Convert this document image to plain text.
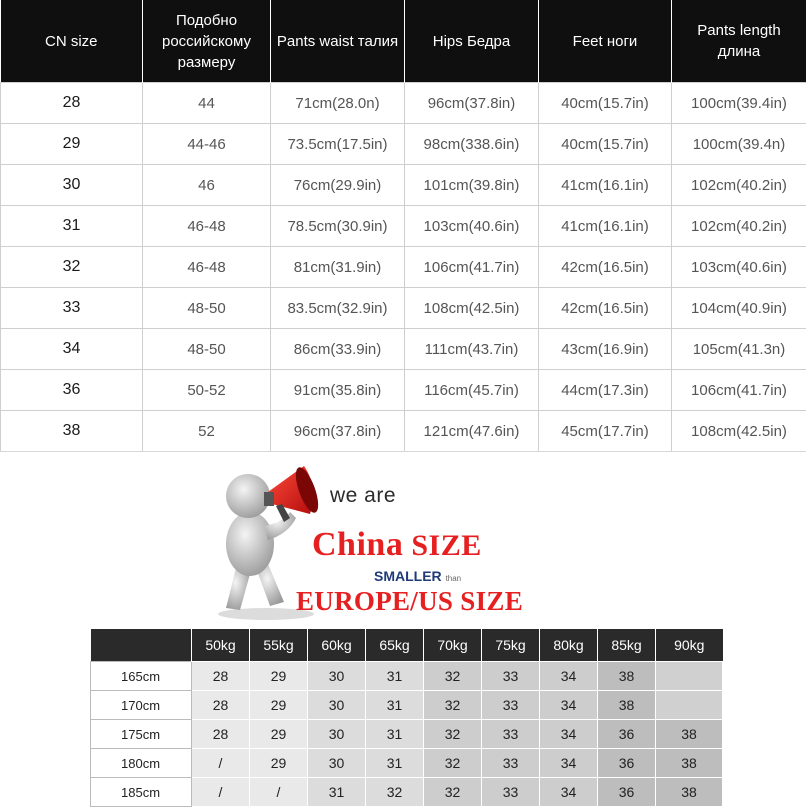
CN size	Подобно российскому размеру	Pants waist талия	Hips Бедра	Feet ноги	Pants length длина
28	44	71cm(28.0n)	96cm(37.8in)	40cm(15.7in)	100cm(39.4in)
29	44-46	73.5cm(17.5in)	98cm(338.6in)	40cm(15.7in)	100cm(39.4n)
30	46	76cm(29.9in)	101cm(39.8in)	41cm(16.1in)	102cm(40.2in)
31	46-48	78.5cm(30.9in)	103cm(40.6in)	41cm(16.1in)	102cm(40.2in)
32	46-48	81cm(31.9in)	106cm(41.7in)	42cm(16.5in)	103cm(40.6in)
33	48-50	83.5cm(32.9in)	108cm(42.5in)	42cm(16.5in)	104cm(40.9in)
34	48-50	86cm(33.9in)	111cm(43.7in)	43cm(16.9in)	105cm(41.3n)
36	50-52	91cm(35.8in)	116cm(45.7in)	44cm(17.3in)	106cm(41.7in)
38	52	96cm(37.8in)	121cm(47.6in)	45cm(17.7in)	108cm(42.5in)
we are
China SIZE
SMALLER than
EUROPE/US SIZE
	50kg	55kg	60kg	65kg	70kg	75kg	80kg	85kg	90kg
165cm	28	29	30	31	32	33	34	38	
170cm	28	29	30	31	32	33	34	38	
175cm	28	29	30	31	32	33	34	36	38
180cm	/	29	30	31	32	33	34	36	38
185cm	/	/	31	32	32	33	34	36	38
